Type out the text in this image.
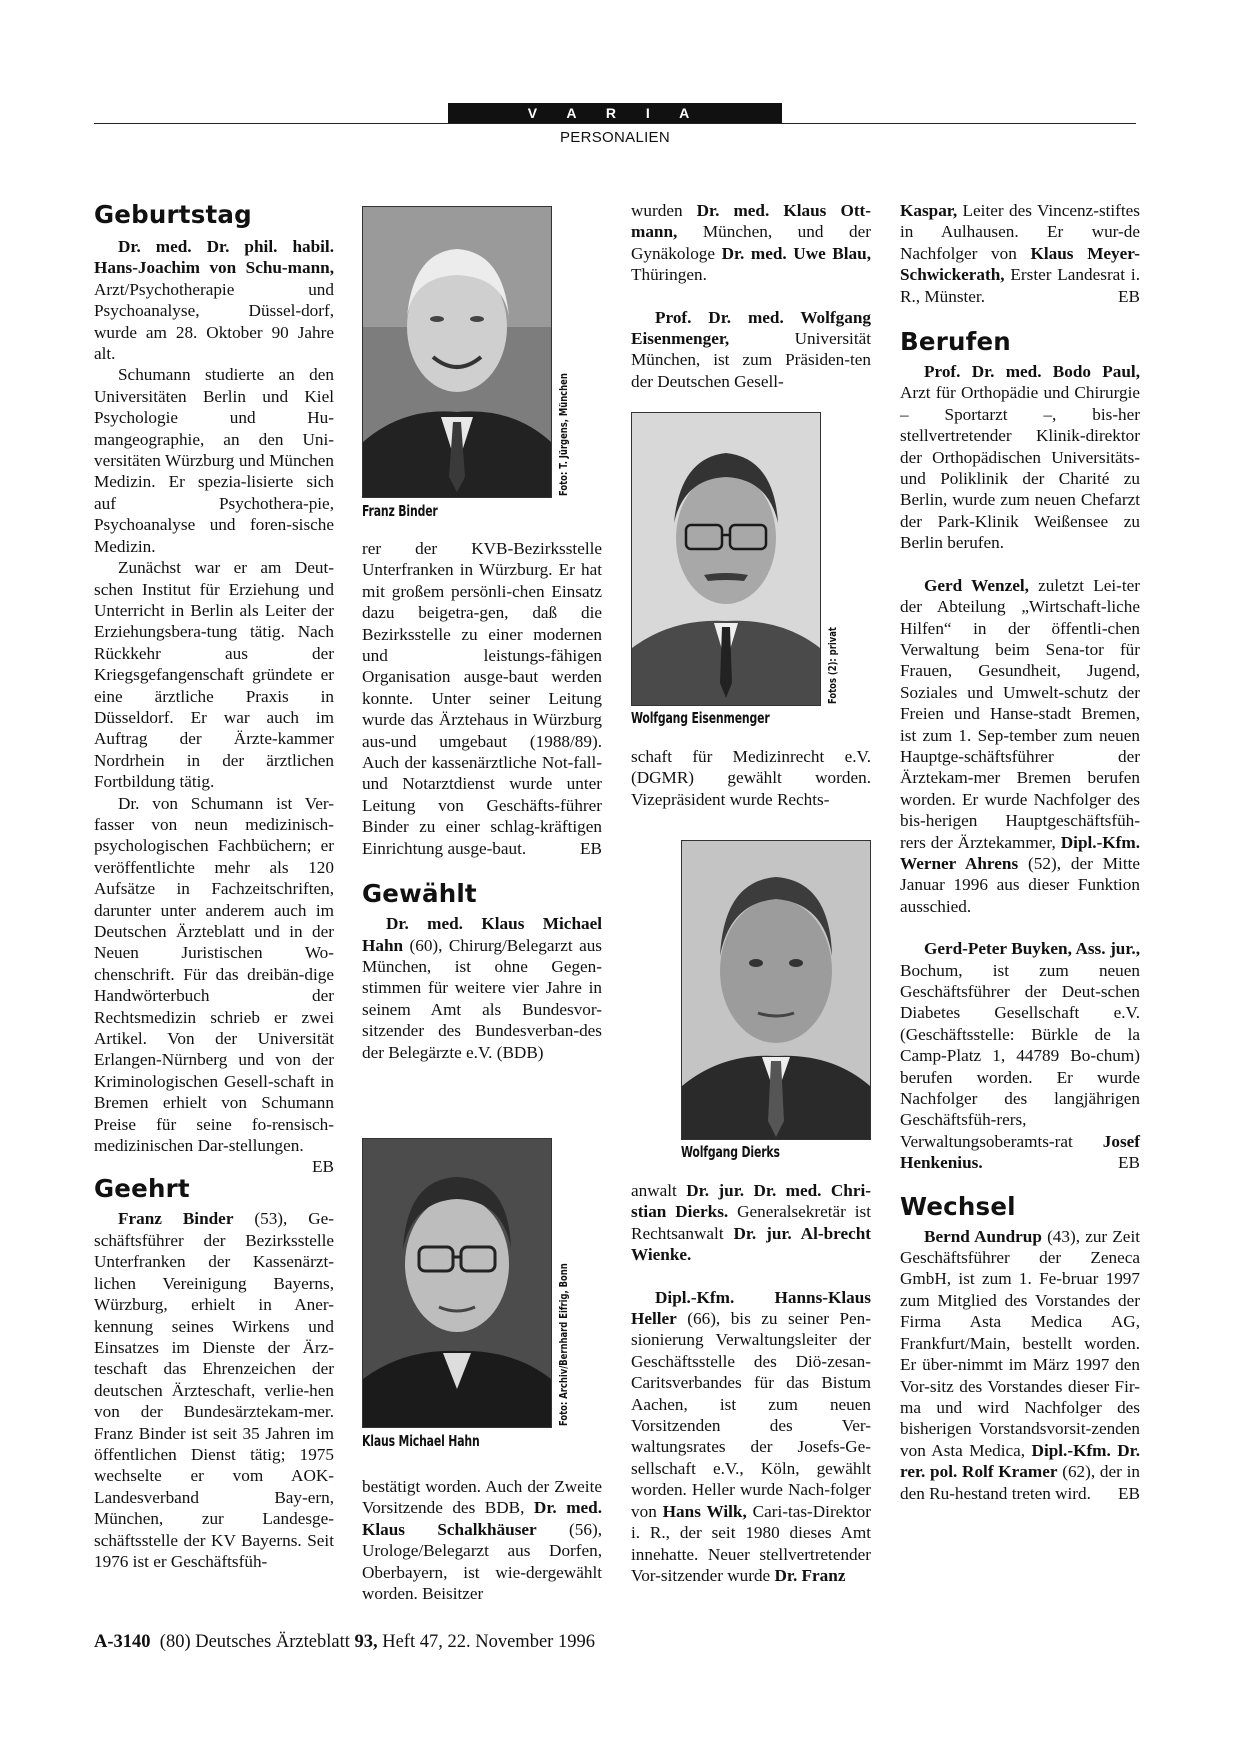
V A R I A
PERSONALIEN
Geburtstag

Dr. med. Dr. phil. habil. Hans-Joachim von Schu-mann, Arzt/Psychotherapie und Psychoanalyse, Düssel-dorf, wurde am 28. Oktober 90 Jahre alt.

Schumann studierte an den Universitäten Berlin und Kiel Psychologie und Hu-mangeographie, an den Uni-versitäten Würzburg und München Medizin. Er speziа-lisierte sich auf Psychothera-pie, Psychoanalyse und foren-sische Medizin.

Zunächst war er am Deut-schen Institut für Erziehung und Unterricht in Berlin als Leiter der Erziehungsbera-tung tätig. Nach Rückkehr aus der Kriegsgefangenschaft gründete er eine ärztliche Praxis in Düsseldorf. Er war auch im Auftrag der Ärzte-kammer Nordrhein in der ärztlichen Fortbildung tätig.

Dr. von Schumann ist Ver-fasser von neun medizinisch-psychologischen Fachbüchern; er veröffentlichte mehr als 120 Aufsätze in Fachzeitschriften, darunter unter anderem auch im Deutschen Ärzteblatt und in der Neuen Juristischen Wo-chenschrift. Für das dreibän-dige Handwörterbuch der Rechtsmedizin schrieb er zwei Artikel. Von der Universität Erlangen-Nürnberg und von der Kriminologischen Gesell-schaft in Bremen erhielt von Schumann Preise für seine fo-rensisch-medizinischen Dar-stellungen.
EB

Geehrt

Franz Binder (53), Ge-schäftsführer der Bezirksstelle Unterfranken der Kassenärzt-lichen Vereinigung Bayerns, Würzburg, erhielt in Aner-kennung seines Wirkens und Einsatzes im Dienste der Ärz-teschaft das Ehrenzeichen der deutschen Ärzteschaft, verlie-hen von der Bundesärztekam-mer. Franz Binder ist seit 35 Jahren im öffentlichen Dienst tätig; 1975 wechselte er vom AOK-Landesverband Bay-ern, München, zur Landesge-schäftsstelle der KV Bayerns. Seit 1976 ist er Geschäftsfüh-

Franz Binder
Foto: T. Jürgens, München

rer der KVB-Bezirksstelle Unterfranken in Würzburg. Er hat mit großem persönli-chen Einsatz dazu beigetra-gen, daß die Bezirksstelle zu einer modernen und leistungs-fähigen Organisation ausge-baut werden konnte. Unter seiner Leitung wurde das Ärztehaus in Würzburg aus-und umgebaut (1988/89). Auch der kassenärztliche Not-fall- und Notarztdienst wurde unter Leitung von Geschäfts-führer Binder zu einer schlag-kräftigen Einrichtung ausge-baut.	EB

Gewählt

Dr. med. Klaus Michael Hahn (60), Chirurg/Belegarzt aus München, ist ohne Gegen-stimmen für weitere vier Jahre in seinem Amt als Bundesvor-sitzender des Bundesverban-des der Belegärzte e.V. (BDB)

Klaus Michael Hahn
Foto: Archiv/Bernhard Eifrig, Bonn

bestätigt worden. Auch der Zweite Vorsitzende des BDB, Dr. med. Klaus Schalkhäuser (56), Urologe/Belegarzt aus Dorfen, Oberbayern, ist wie-dergewählt worden. Beisitzer

wurden Dr. med. Klaus Ott-mann, München, und der Gynäkologe Dr. med. Uwe Blau, Thüringen.

Prof. Dr. med. Wolfgang Eisenmenger, Universität München, ist zum Präsiden-ten der Deutschen Gesell-

Wolfgang Eisenmenger
Fotos (2): privat

schaft für Medizinrecht e.V. (DGMR) gewählt worden. Vizepräsident wurde Rechts-

Wolfgang Dierks

anwalt Dr. jur. Dr. med. Chri-stian Dierks. Generalsekretär ist Rechtsanwalt Dr. jur. Al-brecht Wienke.

Dipl.-Kfm. Hanns-Klaus Heller (66), bis zu seiner Pen-sionierung Verwaltungsleiter der Geschäftsstelle des Diö-zesan-Caritsverbandes für das Bistum Aachen, ist zum neuen Vorsitzenden des Ver-waltungsrates der Josefs-Ge-sellschaft e.V., Köln, gewählt worden. Heller wurde Nach-folger von Hans Wilk, Cari-tas-Direktor i. R., der seit 1980 dieses Amt innehatte. Neuer stellvertretender Vor-sitzender wurde Dr. Franz

Kaspar, Leiter des Vincenz-stiftes in Aulhausen. Er wur-de Nachfolger von Klaus Meyer-Schwickerath, Erster Landesrat i. R., Münster.	EB

Berufen

Prof. Dr. med. Bodo Paul, Arzt für Orthopädie und Chirurgie – Sportarzt –, bis-her stellvertretender Klinik-direktor der Orthopädischen Universitäts- und Poliklinik der Charité zu Berlin, wurde zum neuen Chefarzt der Park-Klinik Weißensee zu Berlin berufen.

Gerd Wenzel, zuletzt Lei-ter der Abteilung „Wirtschaft-liche Hilfen“ in der öffentli-chen Verwaltung beim Sena-tor für Frauen, Gesundheit, Jugend, Soziales und Umwelt-schutz der Freien und Hanse-stadt Bremen, ist zum 1. Sep-tember zum neuen Hauptge-schäftsführer der Ärztekam-mer Bremen berufen worden. Er wurde Nachfolger des bis-herigen Hauptgeschäftsfüh-rers der Ärztekammer, Dipl.-Kfm. Werner Ahrens (52), der Mitte Januar 1996 aus dieser Funktion ausschied.

Gerd-Peter Buyken, Ass. jur., Bochum, ist zum neuen Geschäftsführer der Deut-schen Diabetes Gesellschaft e.V. (Geschäftsstelle: Bürkle de la Camp-Platz 1, 44789 Bo-chum) berufen worden. Er wurde Nachfolger des langjährigen Geschäftsfüh-rers, Verwaltungsoberamts-rat Josef Henkenius.	EB

Wechsel

Bernd Aundrup (43), zur Zeit Geschäftsführer der Zeneca GmbH, ist zum 1. Fe-bruar 1997 zum Mitglied des Vorstandes der Firma Asta Medica AG, Frankfurt/Main, bestellt worden. Er über-nimmt im März 1997 den Vor-sitz des Vorstandes dieser Fir-ma und wird Nachfolger des bisherigen Vorstandsvorsit-zenden von Asta Medica, Dipl.-Kfm. Dr. rer. pol. Rolf Kramer (62), der in den Ru-hestand treten wird.	EB

A-3140  (80) Deutsches Ärzteblatt 93, Heft 47, 22. November 1996
